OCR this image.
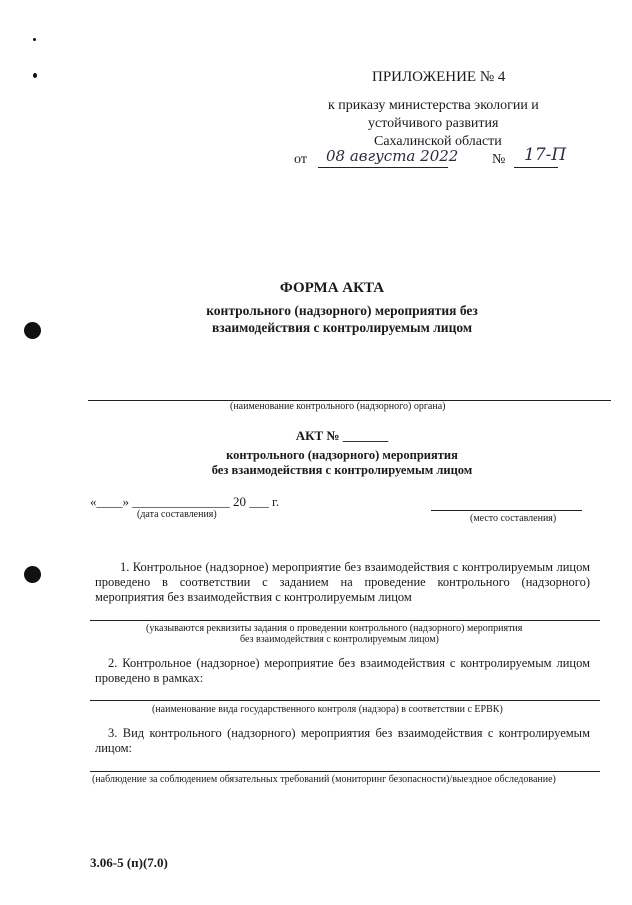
ПРИЛОЖЕНИЕ № 4
к приказу министерства экологии и
устойчивого развития
Сахалинской области
от 08 августа 2022 № 17-П
ФОРМА АКТА
контрольного (надзорного) мероприятия без
взаимодействия с контролируемым лицом
(наименование контрольного (надзорного) органа)
АКТ № _______
контрольного (надзорного) мероприятия
без взаимодействия с контролируемым лицом
«____» _______________ 20 ___ г.
(дата составления)	(место составления)
1. Контрольное (надзорное) мероприятие без взаимодействия с контролируемым лицом
проведено в соответствии с заданием на проведение контрольного (надзорного)
мероприятия без взаимодействия с контролируемым лицом
(указываются реквизиты задания о проведении контрольного (надзорного) мероприятия
без взаимодействия с контролируемым лицом)
2. Контрольное (надзорное) мероприятие без взаимодействия с контролируемым лицом
проведено в рамках:
(наименование вида государственного контроля (надзора) в соответствии с ЕРВК)
3. Вид контрольного (надзорного) мероприятия без взаимодействия с контролируемым
лицом:
(наблюдение за соблюдением обязательных требований (мониторинг безопасности)/выездное обследование)
3.06-5 (п)(7.0)
